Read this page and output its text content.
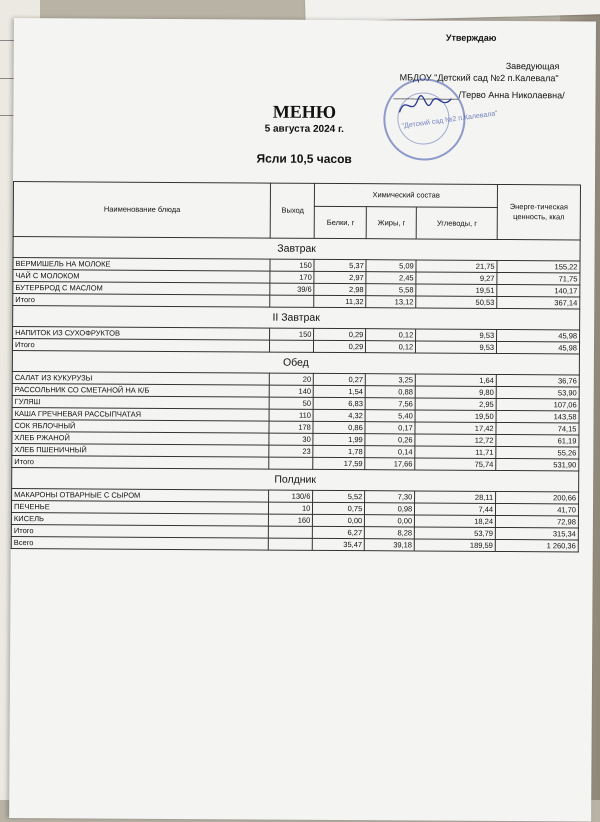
Утверждаю
Заведующая
МБДОУ "Детский сад №2 п.Калевала"
_____________/Терво Анна Николаевна/
"Детский сад №2 п.Калевала"
МЕНЮ
5 августа 2024 г.
Ясли 10,5 часов
Наименование блюда	Выход	Химический состав			Энерге-тическая ценность, ккал
		Белки, г	Жиры, г	Углеводы, г	
Завтрак					
ВЕРМИШЕЛЬ НА МОЛОКЕ	150	5,37	5,09	21,75	155,22
ЧАЙ С МОЛОКОМ	170	2,97	2,45	9,27	71,75
БУТЕРБРОД С МАСЛОМ	39/6	2,98	5,58	19,51	140,17
Итого		11,32	13,12	50,53	367,14
II Завтрак					
НАПИТОК ИЗ СУХОФРУКТОВ	150	0,29	0,12	9,53	45,98
Итого		0,29	0,12	9,53	45,98
Обед					
САЛАТ ИЗ КУКУРУЗЫ	20	0,27	3,25	1,64	36,76
РАССОЛЬНИК СО СМЕТАНОЙ НА К/Б	140	1,54	0,88	9,80	53,90
ГУЛЯШ	50	6,83	7,56	2,95	107,06
КАША ГРЕЧНЕВАЯ РАССЫПЧАТАЯ	110	4,32	5,40	19,50	143,58
СОК ЯБЛОЧНЫЙ	178	0,86	0,17	17,42	74,15
ХЛЕБ РЖАНОЙ	30	1,99	0,26	12,72	61,19
ХЛЕБ ПШЕНИЧНЫЙ	23	1,78	0,14	11,71	55,26
Итого		17,59	17,66	75,74	531,90
Полдник					
МАКАРОНЫ ОТВАРНЫЕ С СЫРОМ	130/6	5,52	7,30	28,11	200,66
ПЕЧЕНЬЕ	10	0,75	0,98	7,44	41,70
КИСЕЛЬ	160	0,00	0,00	18,24	72,98
Итого		6,27	8,28	53,79	315,34
Всего		35,47	39,18	189,59	1 260,36
